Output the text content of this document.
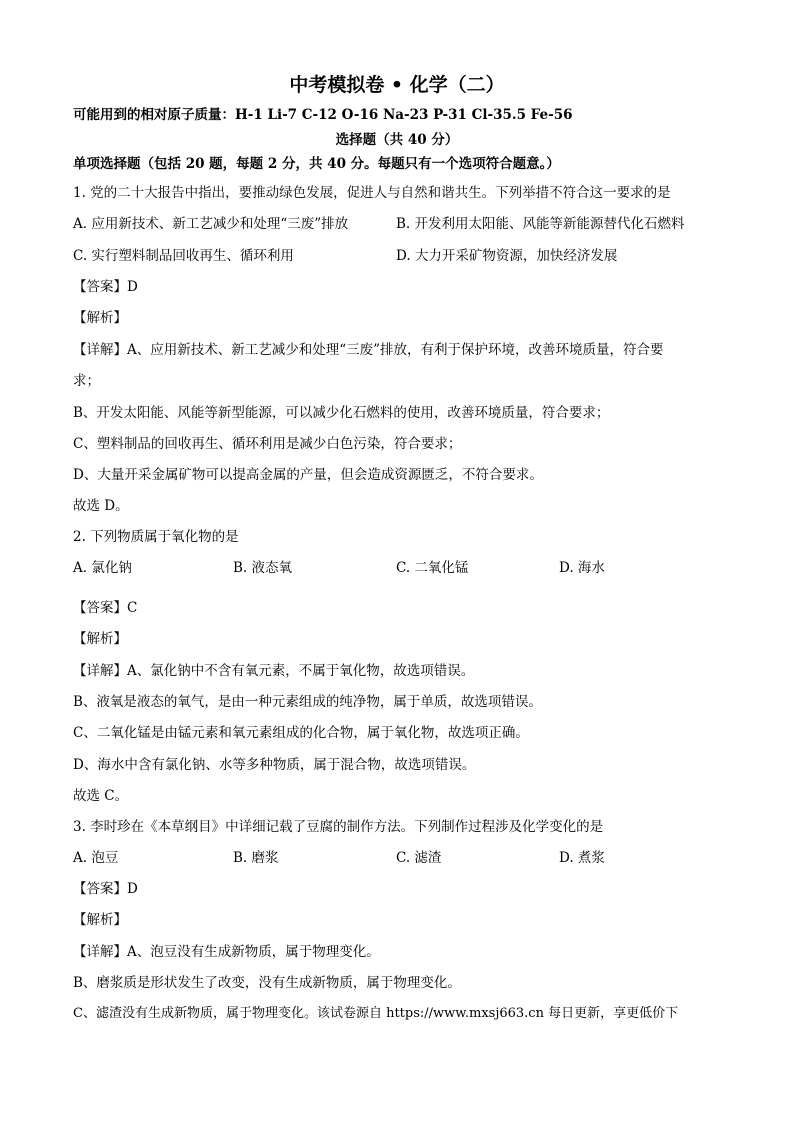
中考模拟卷 • 化学（二）
可能用到的相对原子质量：H-1 Li-7 C-12 O-16 Na-23 P-31 Cl-35.5 Fe-56
选择题（共 40 分）
单项选择题（包括 20 题，每题 2 分，共 40 分。每题只有一个选项符合题意。）
1. 党的二十大报告中指出，要推动绿色发展，促进人与自然和谐共生。下列举措不符合这一要求的是
A. 应用新技术、新工艺减少和处理“三废”排放	B. 开发利用太阳能、风能等新能源替代化石燃料
C. 实行塑料制品回收再生、循环利用	D. 大力开采矿物资源，加快经济发展
【答案】D
【解析】
【详解】A、应用新技术、新工艺减少和处理“三废”排放，有利于保护环境，改善环境质量，符合要
求；
B、开发太阳能、风能等新型能源，可以减少化石燃料的使用，改善环境质量，符合要求；
C、塑料制品的回收再生、循环利用是减少白色污染，符合要求；
D、大量开采金属矿物可以提高金属的产量，但会造成资源匮乏，不符合要求。
故选 D。
2. 下列物质属于氧化物的是
A. 氯化钠	B. 液态氧	C. 二氧化锰	D. 海水
【答案】C
【解析】
【详解】A、氯化钠中不含有氧元素，不属于氧化物，故选项错误。
B、液氧是液态的氧气，是由一种元素组成的纯净物，属于单质，故选项错误。
C、二氧化锰是由锰元素和氧元素组成的化合物，属于氧化物，故选项正确。
D、海水中含有氯化钠、水等多种物质，属于混合物，故选项错误。
故选 C。
3. 李时珍在《本草纲目》中详细记载了豆腐的制作方法。下列制作过程涉及化学变化的是
A. 泡豆	B. 磨浆	C. 滤渣	D. 煮浆
【答案】D
【解析】
【详解】A、泡豆没有生成新物质，属于物理变化。
B、磨浆质是形状发生了改变，没有生成新物质，属于物理变化。
C、滤渣没有生成新物质，属于物理变化。该试卷源自 https://www.mxsj663.cn 每日更新，享更低价下
